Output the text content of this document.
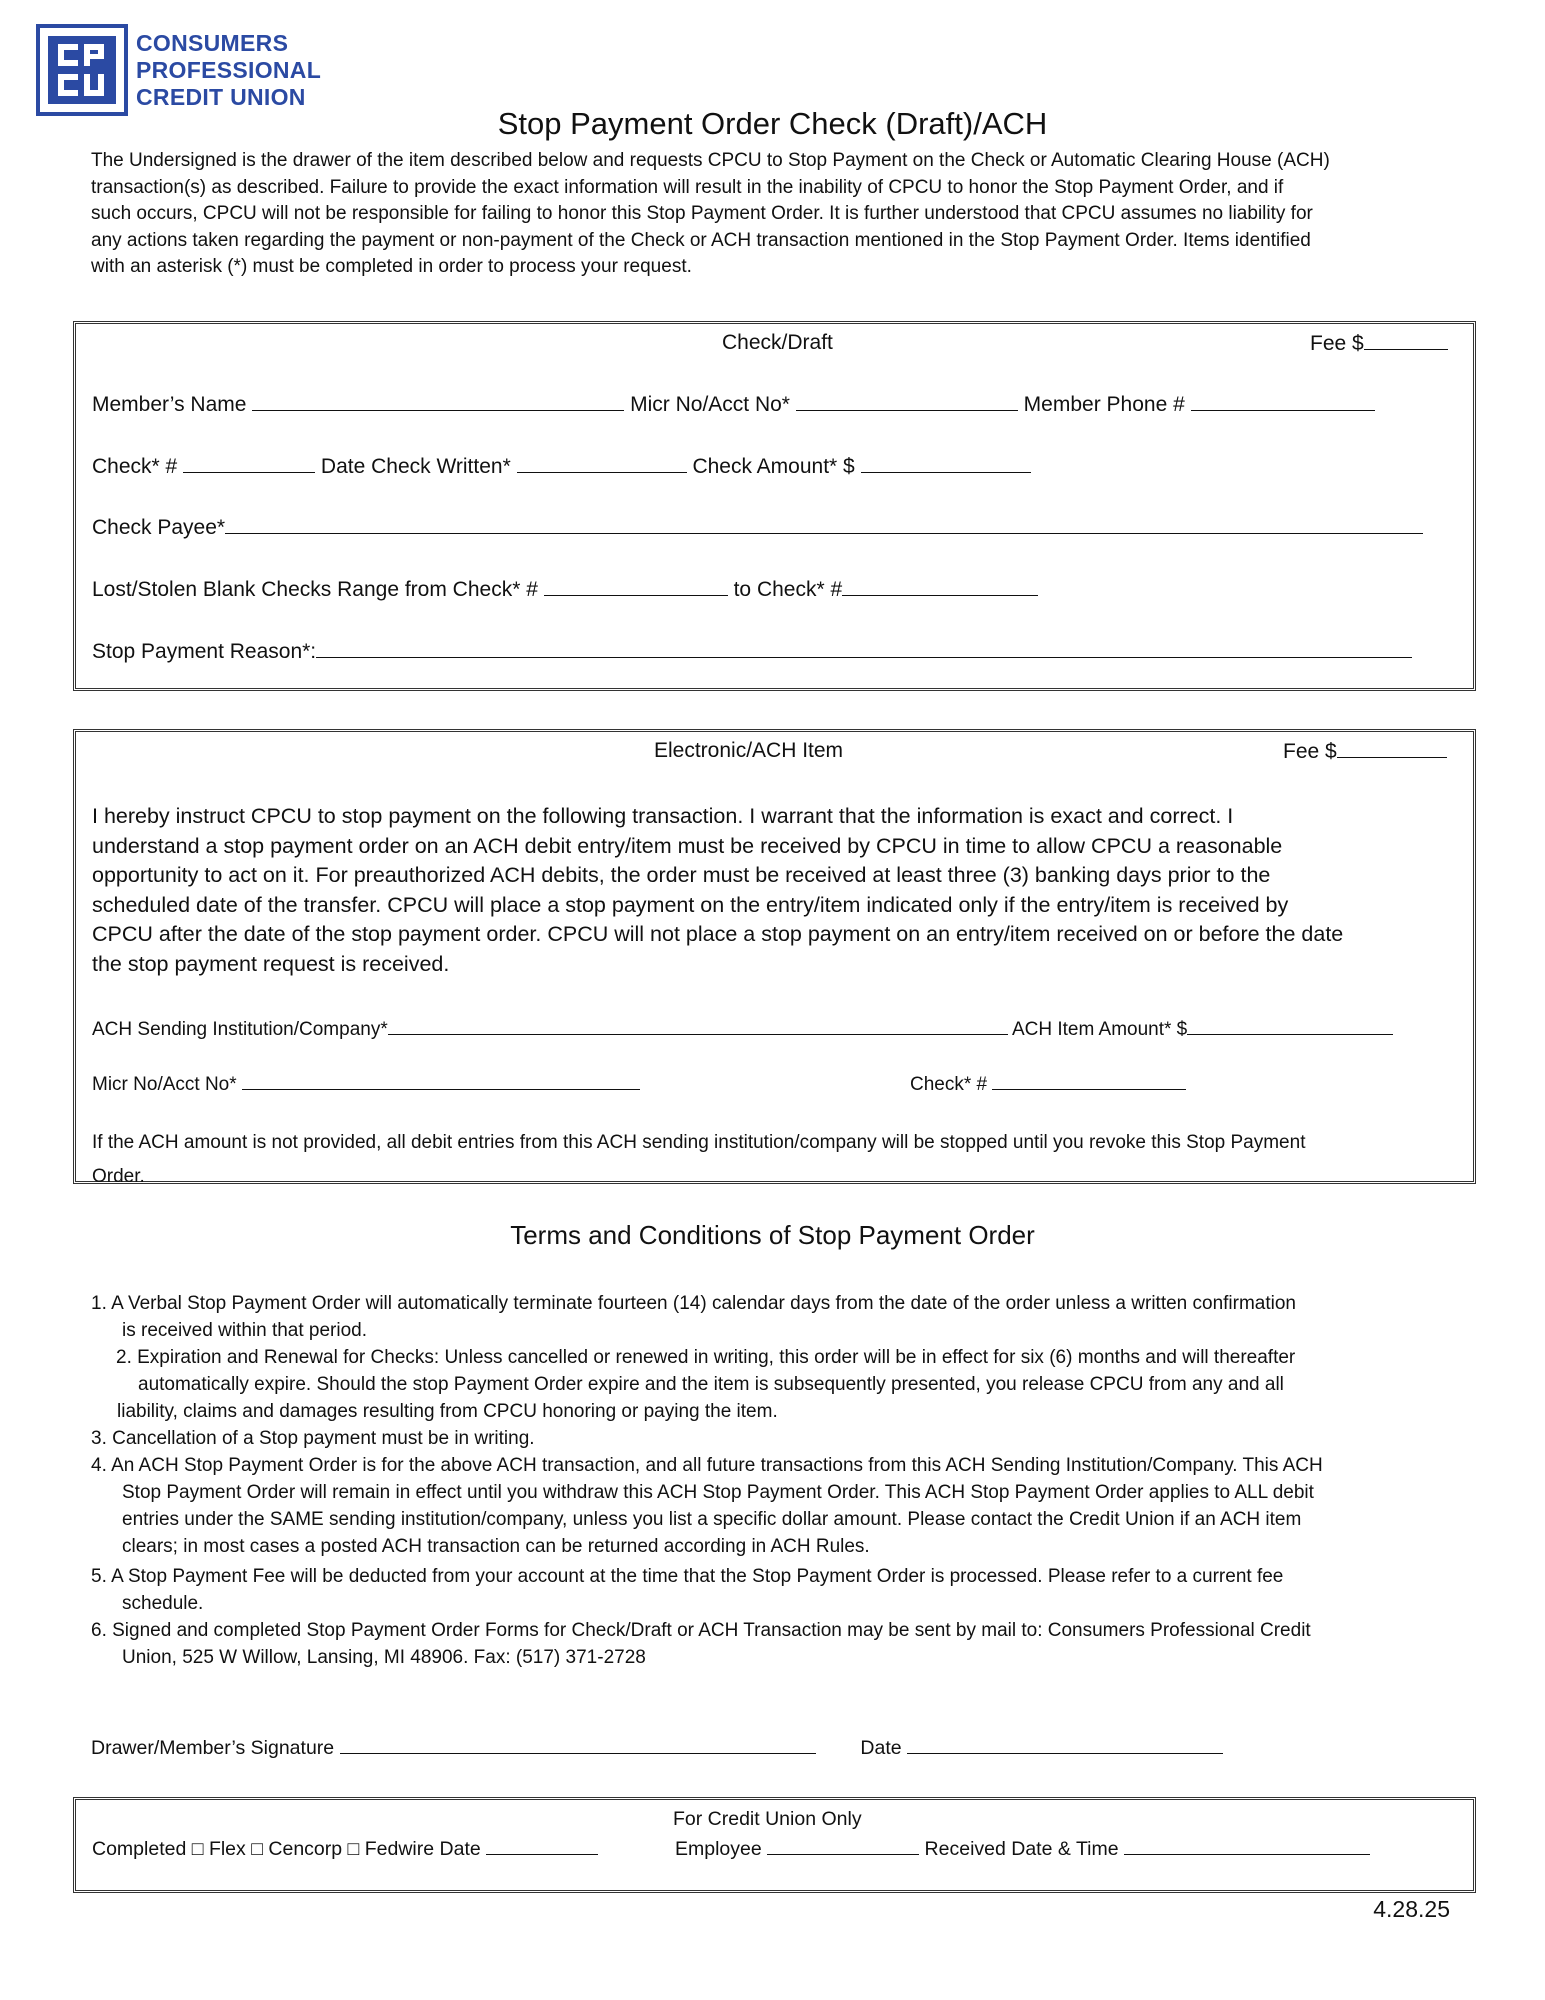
CONSUMERS
PROFESSIONAL
CREDIT UNION
Stop Payment Order Check (Draft)/ACH
The Undersigned is the drawer of the item described below and requests CPCU to Stop Payment on the Check or Automatic Clearing House (ACH)
transaction(s) as described. Failure to provide the exact information will result in the inability of CPCU to honor the Stop Payment Order, and if
such occurs, CPCU will not be responsible for failing to honor this Stop Payment Order. It is further understood that CPCU assumes no liability for
any actions taken regarding the payment or non-payment of the Check or ACH transaction mentioned in the Stop Payment Order. Items identified
with an asterisk (*) must be completed in order to process your request.
Check/Draft	Fee $
Member’s Name	Micr No/Acct No*	Member Phone #
Check* #	Date Check Written*	Check Amount* $
Check Payee*
Lost/Stolen Blank Checks Range from Check* #	to Check* #
Stop Payment Reason*:
Electronic/ACH Item	Fee $
I hereby instruct CPCU to stop payment on the following transaction. I warrant that the information is exact and correct. I
understand a stop payment order on an ACH debit entry/item must be received by CPCU in time to allow CPCU a reasonable
opportunity to act on it. For preauthorized ACH debits, the order must be received at least three (3) banking days prior to the
scheduled date of the transfer. CPCU will place a stop payment on the entry/item indicated only if the entry/item is received by
CPCU after the date of the stop payment order. CPCU will not place a stop payment on an entry/item received on or before the date
the stop payment request is received.
ACH Sending Institution/Company*	ACH Item Amount* $
Micr No/Acct No*	Check* #
If the ACH amount is not provided, all debit entries from this ACH sending institution/company will be stopped until you revoke this Stop Payment
Order.
Terms and Conditions of Stop Payment Order
1. A Verbal Stop Payment Order will automatically terminate fourteen (14) calendar days from the date of the order unless a written confirmation
is received within that period.
2. Expiration and Renewal for Checks: Unless cancelled or renewed in writing, this order will be in effect for six (6) months and will thereafter
automatically expire. Should the stop Payment Order expire and the item is subsequently presented, you release CPCU from any and all
liability, claims and damages resulting from CPCU honoring or paying the item.
3. Cancellation of a Stop payment must be in writing.
4. An ACH Stop Payment Order is for the above ACH transaction, and all future transactions from this ACH Sending Institution/Company. This ACH
Stop Payment Order will remain in effect until you withdraw this ACH Stop Payment Order. This ACH Stop Payment Order applies to ALL debit
entries under the SAME sending institution/company, unless you list a specific dollar amount. Please contact the Credit Union if an ACH item
clears; in most cases a posted ACH transaction can be returned according in ACH Rules.
5. A Stop Payment Fee will be deducted from your account at the time that the Stop Payment Order is processed. Please refer to a current fee
schedule.
6. Signed and completed Stop Payment Order Forms for Check/Draft or ACH Transaction may be sent by mail to: Consumers Professional Credit
Union, 525 W Willow, Lansing, MI 48906. Fax: (517) 371-2728
Drawer/Member’s Signature	Date
For Credit Union Only
Completed □ Flex □ Cencorp □ Fedwire Date	Employee	Received Date & Time
4.28.25
